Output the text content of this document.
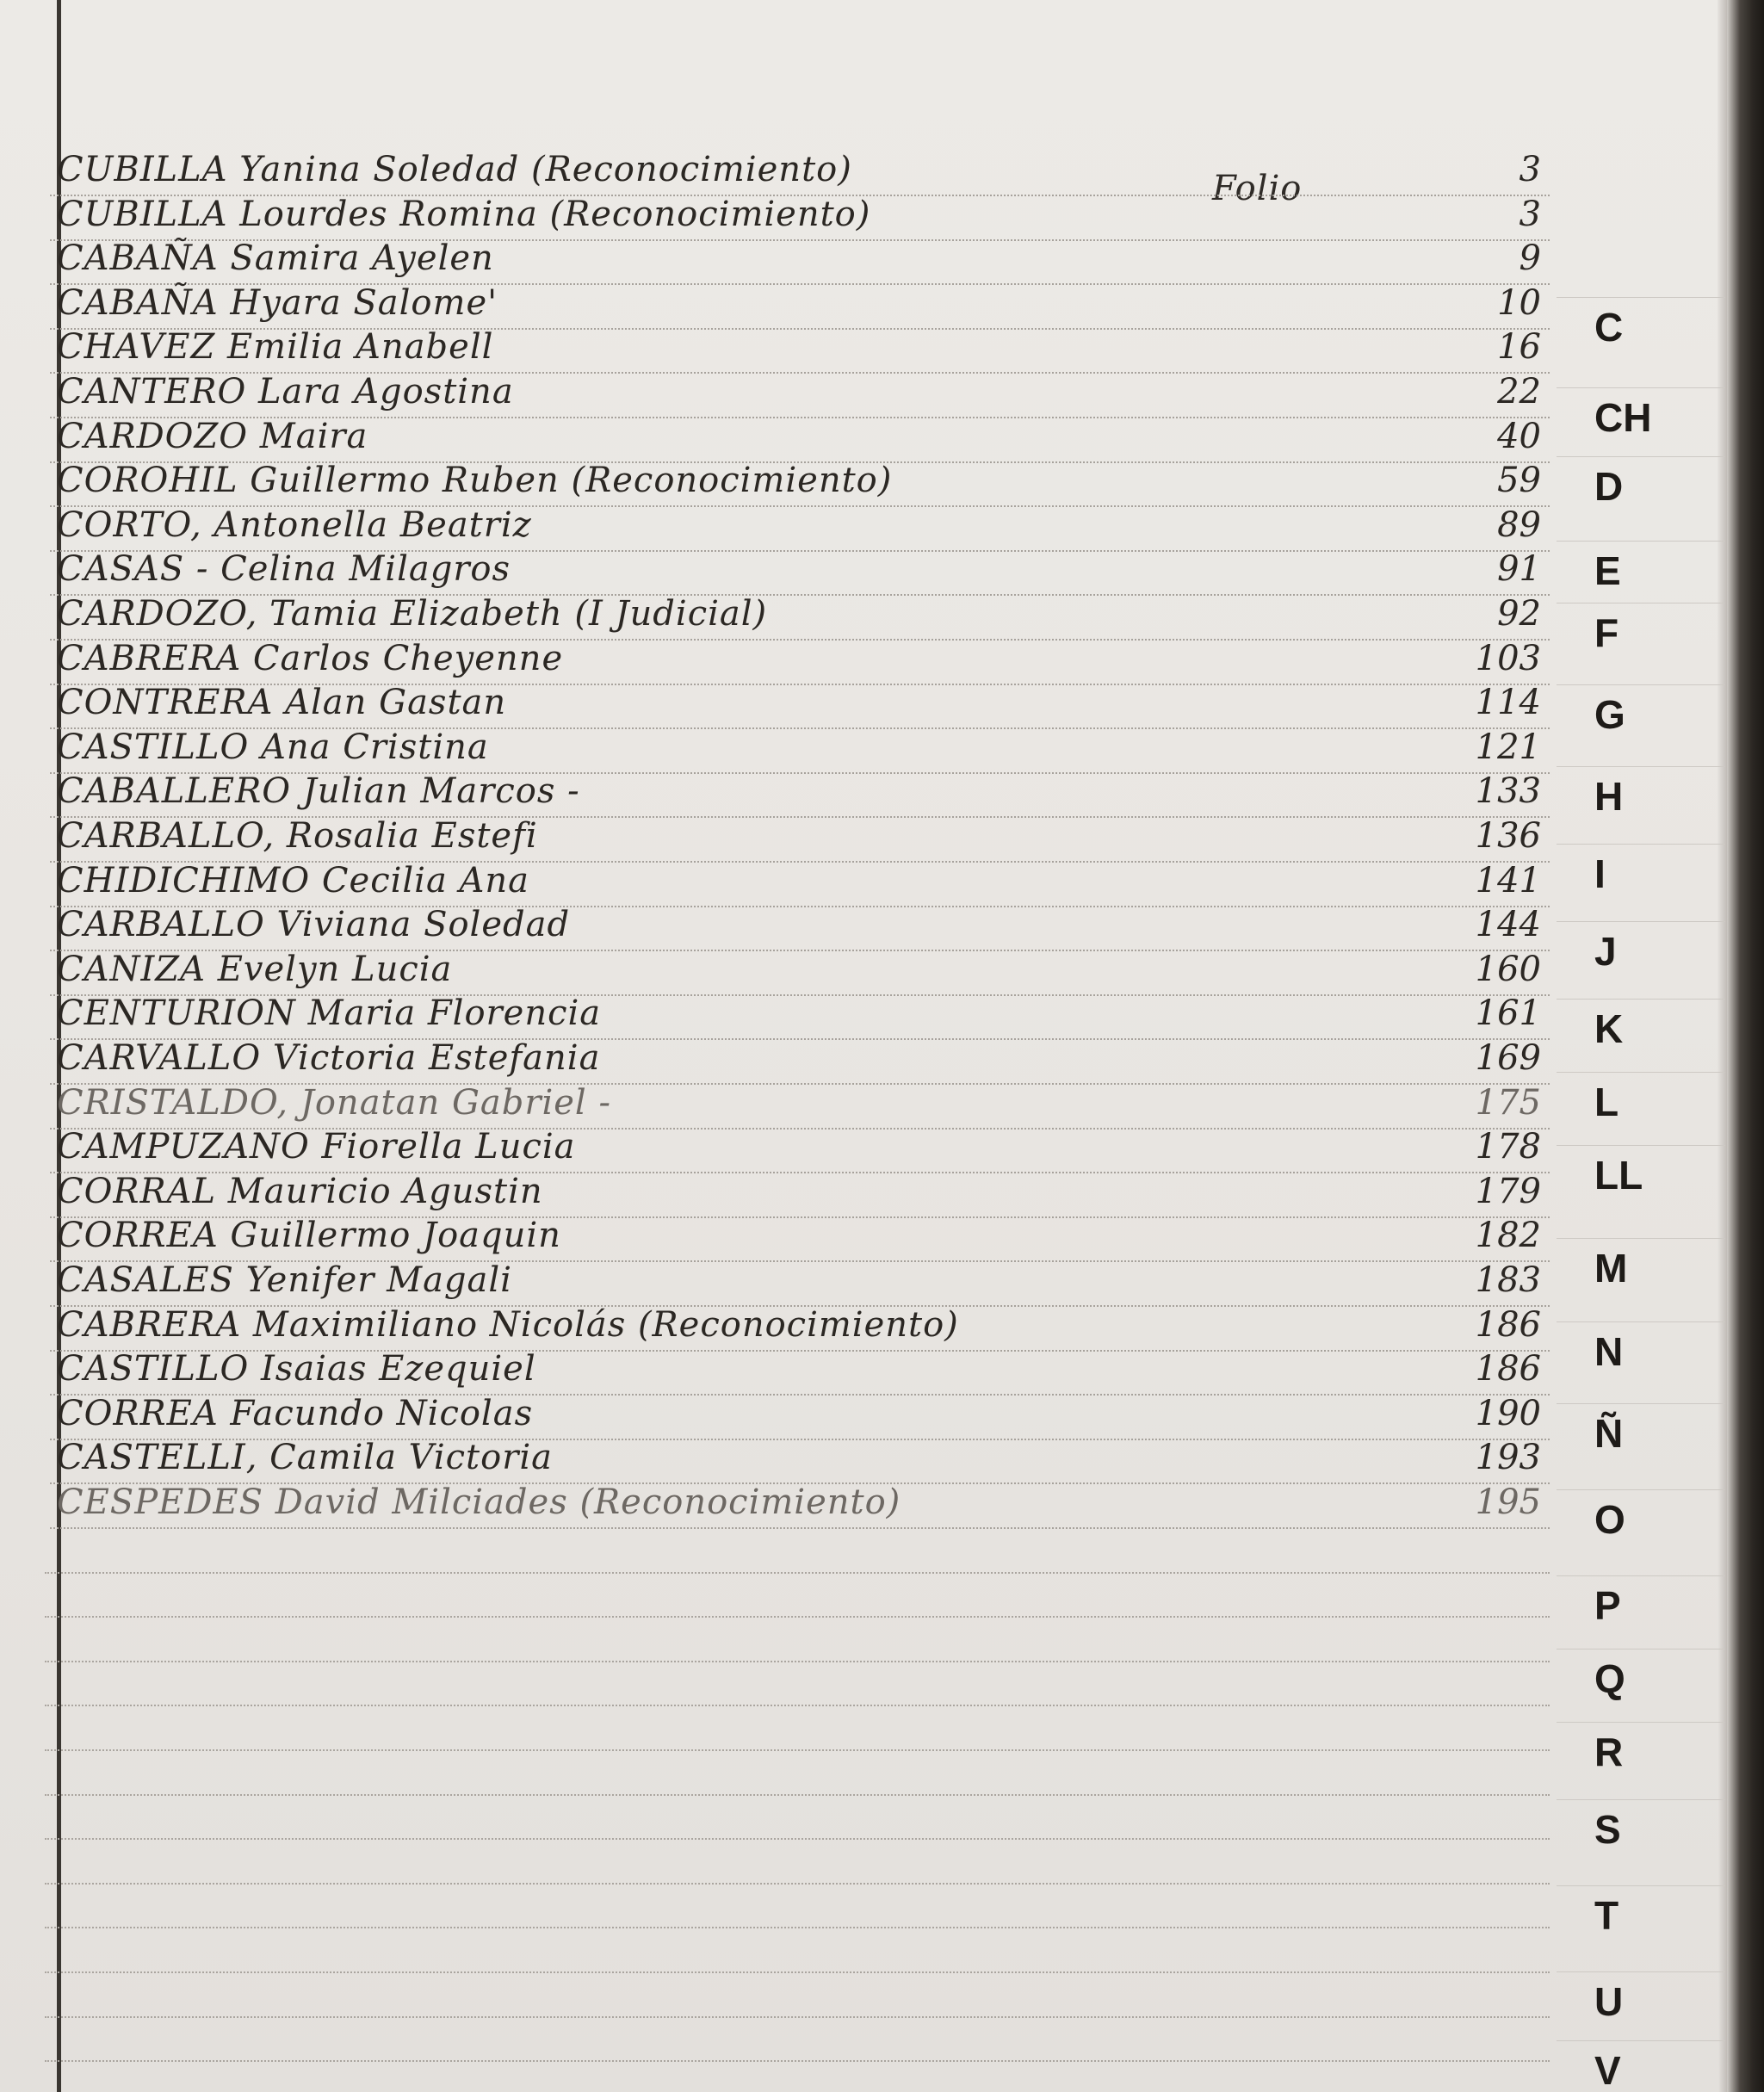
Folio
CUBILLA Yanina Soledad (Reconocimiento)	3
CUBILLA Lourdes Romina (Reconocimiento)	3
CABAÑA Samira Ayelen	9
CABAÑA Hyara Salome'	10
CHAVEZ Emilia Anabell	16
CANTERO Lara Agostina	22
CARDOZO Maira	40
COROHIL Guillermo Ruben (Reconocimiento)	59
CORTO, Antonella Beatriz	89
CASAS - Celina Milagros	91
CARDOZO, Tamia Elizabeth (I Judicial)	92
CABRERA Carlos Cheyenne	103
CONTRERA Alan Gastan	114
CASTILLO Ana Cristina	121
CABALLERO Julian Marcos -	133
CARBALLO, Rosalia Estefi	136
CHIDICHIMO Cecilia Ana	141
CARBALLO Viviana Soledad	144
CANIZA Evelyn Lucia	160
CENTURION Maria Florencia	161
CARVALLO Victoria Estefania	169
CRISTALDO, Jonatan Gabriel -	175
CAMPUZANO Fiorella Lucia	178
CORRAL Mauricio Agustin	179
CORREA Guillermo Joaquin	182
CASALES Yenifer Magali	183
CABRERA Maximiliano Nicolás (Reconocimiento)	186
CASTILLO Isaias Ezequiel	186
CORREA Facundo Nicolas	190
CASTELLI, Camila Victoria	193
CESPEDES David Milciades (Reconocimiento)	195
C
CH
D
E
F
G
H
I
J
K
L
LL
M
N
Ñ
O
P
Q
R
S
T
U
V
